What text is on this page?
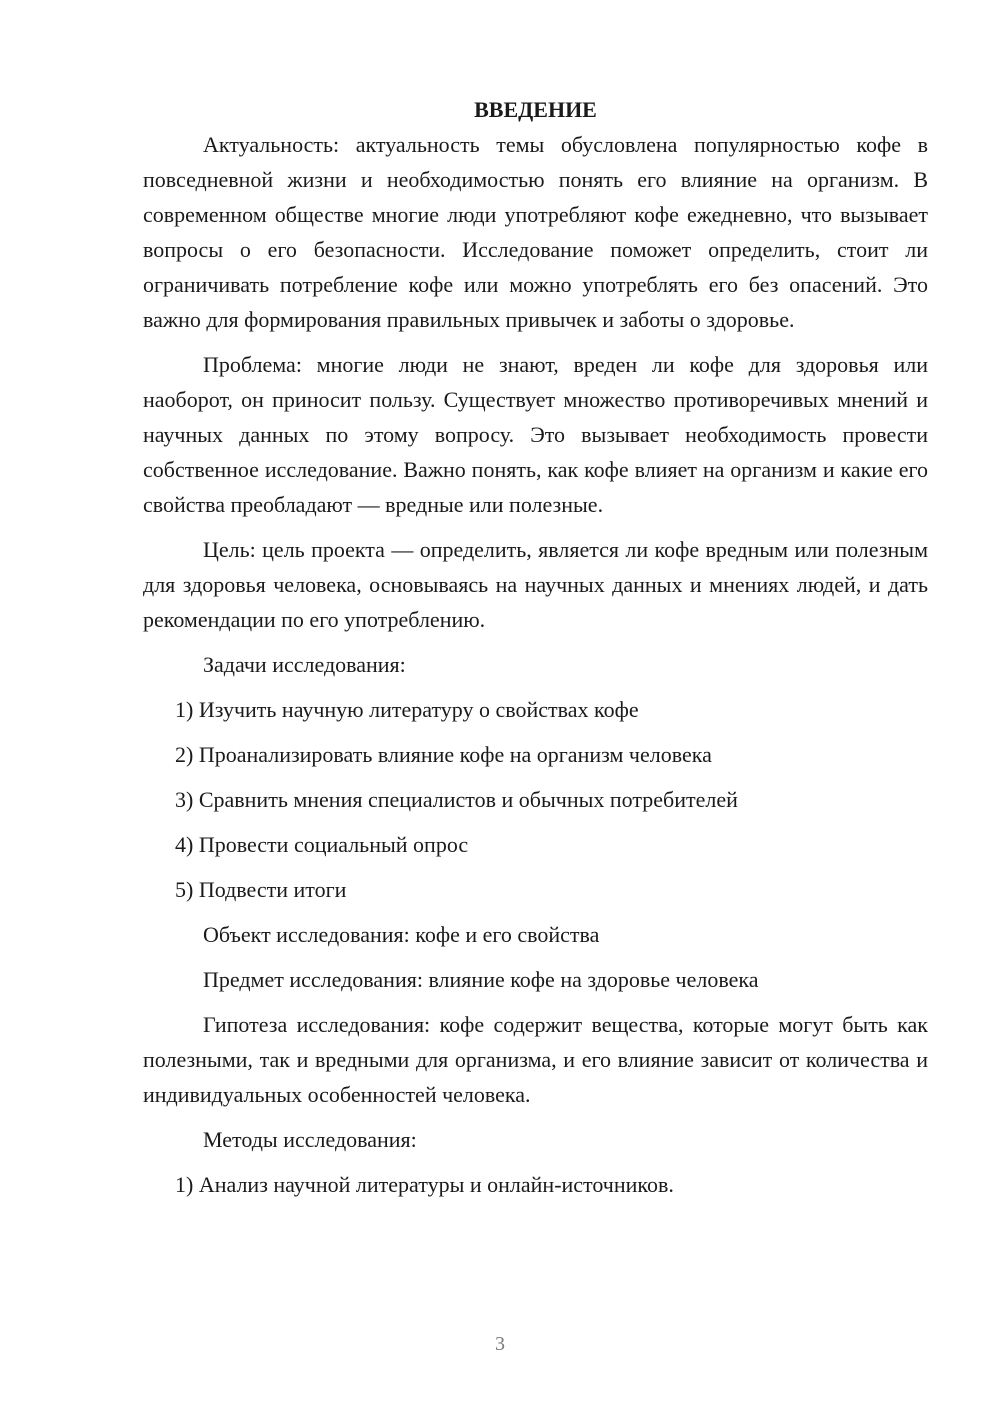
ВВЕДЕНИЕ

Актуальность: актуальность темы обусловлена популярностью кофе в повседневной жизни и необходимостью понять его влияние на организм. В современном обществе многие люди употребляют кофе ежедневно, что вызывает вопросы о его безопасности. Исследование поможет определить, стоит ли ограничивать потребление кофе или можно употреблять его без опасений. Это важно для формирования правильных привычек и заботы о здоровье.

Проблема: многие люди не знают, вреден ли кофе для здоровья или наоборот, он приносит пользу. Существует множество противоречивых мнений и научных данных по этому вопросу. Это вызывает необходимость провести собственное исследование. Важно понять, как кофе влияет на организм и какие его свойства преобладают — вредные или полезные.

Цель: цель проекта — определить, является ли кофе вредным или полезным для здоровья человека, основываясь на научных данных и мнениях людей, и дать рекомендации по его употреблению.

Задачи исследования:
1) Изучить научную литературу о свойствах кофе
2) Проанализировать влияние кофе на организм человека
3) Сравнить мнения специалистов и обычных потребителей
4) Провести социальный опрос
5) Подвести итоги
Объект исследования: кофе и его свойства
Предмет исследования: влияние кофе на здоровье человека

Гипотеза исследования: кофе содержит вещества, которые могут быть как полезными, так и вредными для организма, и его влияние зависит от количества и индивидуальных особенностей человека.

Методы исследования:
1) Анализ научной литературы и онлайн-источников.
3
